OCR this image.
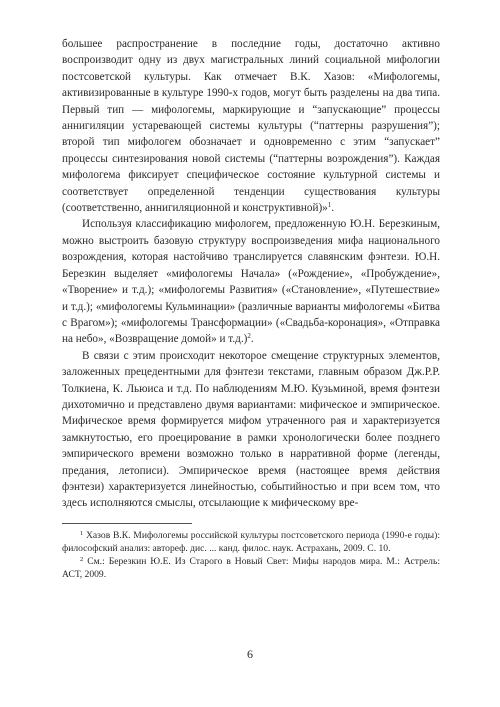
большее распространение в последние годы, достаточно активно воспроизводит одну из двух магистральных линий социальной мифологии постсоветской культуры. Как отмечает В.К. Хазов: «Мифологемы, активизированные в культуре 1990-х годов, могут быть разделены на два типа. Первый тип — мифологемы, маркирующие и “запускающие” процессы аннигиляции устаревающей системы культуры (“паттерны разрушения”); второй тип мифологем обозначает и одновременно с этим “запускает” процессы синтезирования новой системы (“паттерны возрождения”). Каждая мифологема фиксирует специфическое состояние культурной системы и соответствует определенной тенденции существования культуры (соответственно, аннигиляционной и конструктивной)»$^1$.

Используя классификацию мифологем, предложенную Ю.Н. Березкиным, можно выстроить базовую структуру воспроизведения мифа национального возрождения, которая настойчиво транслируется славянским фэнтези. Ю.Н. Березкин выделяет «мифологемы Начала» («Рождение», «Пробуждение», «Творение» и т.д.); «мифологемы Развития» («Становление», «Путешествие» и т.д.); «мифологемы Кульминации» (различные варианты мифологемы «Битва с Врагом»); «мифологемы Трансформации» («Свадьба-коронация», «Отправка на небо», «Возвращение домой» и т.д.)$^2$.

В связи с этим происходит некоторое смещение структурных элементов, заложенных прецедентными для фэнтези текстами, главным образом Дж.Р.Р. Толкиена, К. Льюиса и т.д. По наблюдениям М.Ю. Кузьминой, время фэнтези дихотомично и представлено двумя вариантами: мифическое и эмпирическое. Мифическое время формируется мифом утраченного рая и характеризуется замкнутостью, его проецирование в рамки хронологически более позднего эмпирического времени возможно только в нарративной форме (легенды, предания, летописи). Эмпирическое время (настоящее время действия фэнтези) характеризуется линейностью, событийностью и при всем том, что здесь исполняются смыслы, отсылающие к мифическому вре-

$^1$ Хазов В.К. Мифологемы российской культуры постсоветского периода (1990-е годы): философский анализ: автореф. дис. ... канд. филос. наук. Астрахань, 2009. С. 10.

$^2$ См.: Березкин Ю.Е. Из Старого в Новый Свет: Мифы народов мира. М.: Астрель: АСТ, 2009.

6
